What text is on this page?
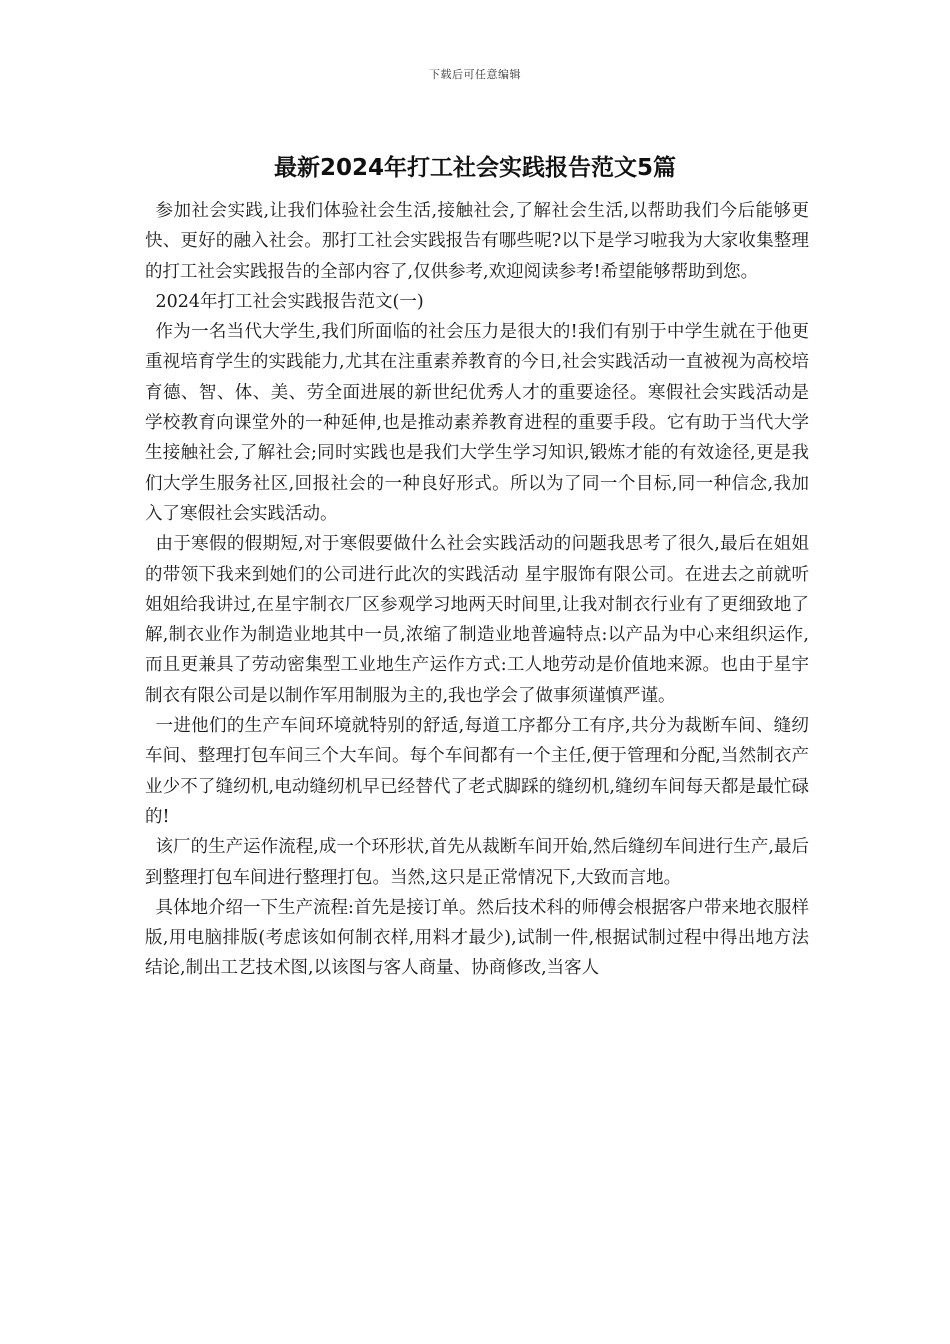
下载后可任意编辑
最新2024年打工社会实践报告范文5篇

参加社会实践,让我们体验社会生活,接触社会,了解社会生活,以帮助我们今后能够更快、更好的融入社会。那打工社会实践报告有哪些呢?以下是学习啦我为大家收集整理的打工社会实践报告的全部内容了,仅供参考,欢迎阅读参考!希望能够帮助到您。

2024年打工社会实践报告范文(一)

作为一名当代大学生,我们所面临的社会压力是很大的!我们有别于中学生就在于他更重视培育学生的实践能力,尤其在注重素养教育的今日,社会实践活动一直被视为高校培育德、智、体、美、劳全面进展的新世纪优秀人才的重要途径。寒假社会实践活动是学校教育向课堂外的一种延伸,也是推动素养教育进程的重要手段。它有助于当代大学生接触社会,了解社会;同时实践也是我们大学生学习知识,锻炼才能的有效途径,更是我们大学生服务社区,回报社会的一种良好形式。所以为了同一个目标,同一种信念,我加入了寒假社会实践活动。

由于寒假的假期短,对于寒假要做什么社会实践活动的问题我思考了很久,最后在姐姐的带领下我来到她们的公司进行此次的实践活动 星宇服饰有限公司。在进去之前就听姐姐给我讲过,在星宇制衣厂区参观学习地两天时间里,让我对制衣行业有了更细致地了解,制衣业作为制造业地其中一员,浓缩了制造业地普遍特点:以产品为中心来组织运作,而且更兼具了劳动密集型工业地生产运作方式:工人地劳动是价值地来源。也由于星宇制衣有限公司是以制作军用制服为主的,我也学会了做事须谨慎严谨。

一进他们的生产车间环境就特别的舒适,每道工序都分工有序,共分为裁断车间、缝纫车间、整理打包车间三个大车间。每个车间都有一个主任,便于管理和分配,当然制衣产业少不了缝纫机,电动缝纫机早已经替代了老式脚踩的缝纫机,缝纫车间每天都是最忙碌的!

该厂的生产运作流程,成一个环形状,首先从裁断车间开始,然后缝纫车间进行生产,最后到整理打包车间进行整理打包。当然,这只是正常情况下,大致而言地。

具体地介绍一下生产流程:首先是接订单。然后技术科的师傅会根据客户带来地衣服样版,用电脑排版(考虑该如何制衣样,用料才最少),试制一件,根据试制过程中得出地方法结论,制出工艺技术图,以该图与客人商量、协商修改,当客人
